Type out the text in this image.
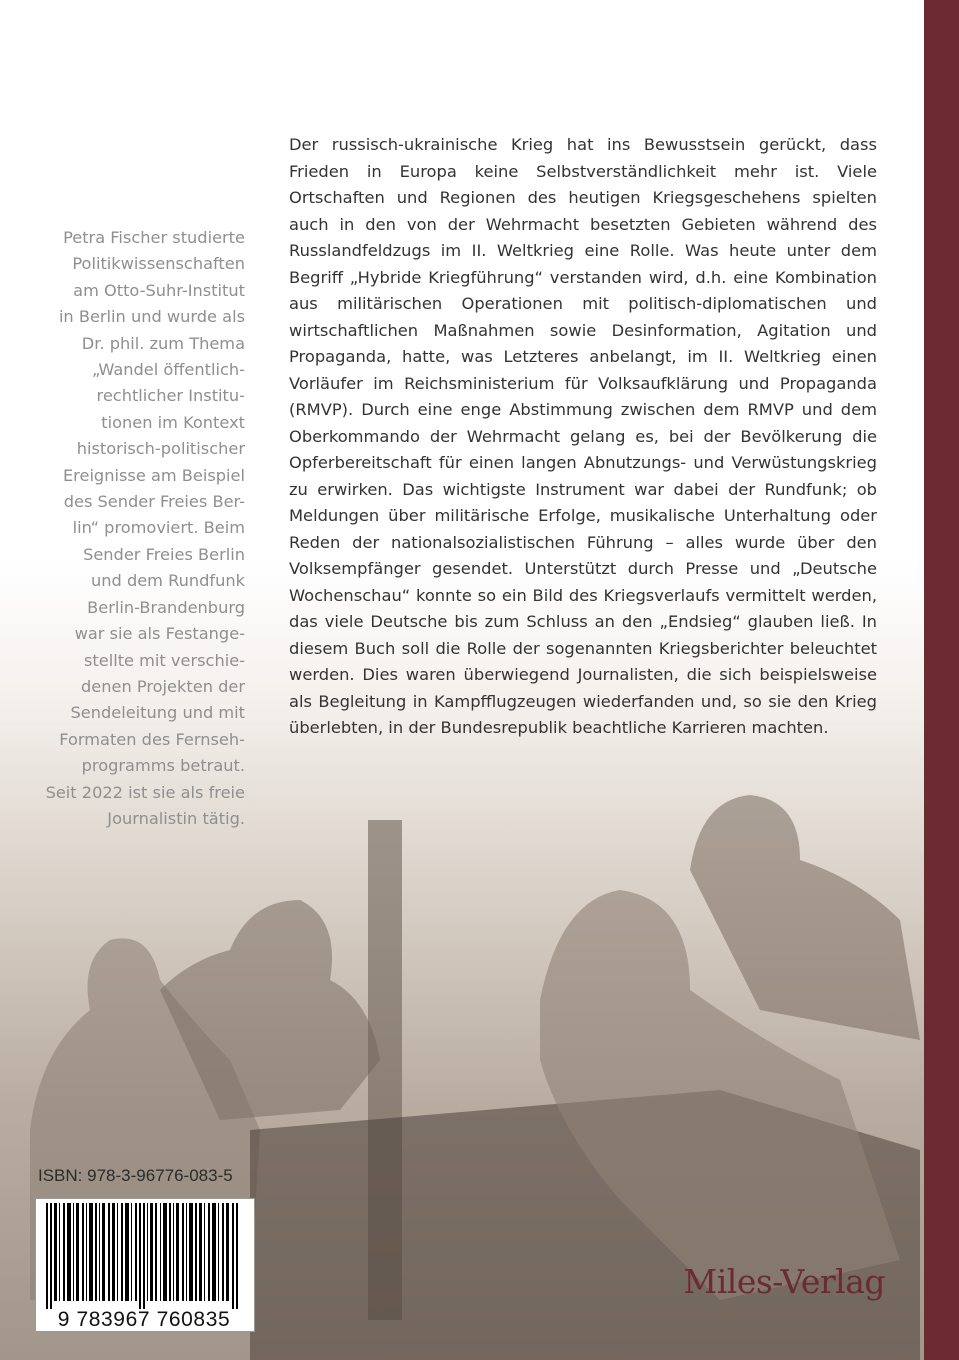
Petra Fischer studierte
Politikwissenschaften
am Otto-Suhr-Institut
in Berlin und wurde als
Dr. phil. zum Thema
„Wandel öffentlich-
rechtlicher Institu-
tionen im Kontext
historisch-politischer
Ereignisse am Beispiel
des Sender Freies Ber-
lin“ promoviert. Beim
Sender Freies Berlin
und dem Rundfunk
Berlin-Brandenburg
war sie als Festange-
stellte mit verschie-
denen Projekten der
Sendeleitung und mit
Formaten des Fernseh-
programms betraut.
Seit 2022 ist sie als freie
Journalistin tätig.

Der russisch-ukrainische Krieg hat ins Bewusstsein gerückt, dass Frieden in Europa keine Selbstverständlichkeit mehr ist. Viele Ortschaften und Regionen des heutigen Kriegsgeschehens spielten auch in den von der Wehrmacht besetzten Gebieten während des Russlandfeldzugs im II. Weltkrieg eine Rolle. Was heute unter dem Begriff „Hybride Kriegführung“ verstanden wird, d.h. eine Kombination aus militärischen Operationen mit politisch-diplomatischen und wirtschaftlichen Maßnahmen sowie Desinformation, Agitation und Propaganda, hatte, was Letzteres anbelangt, im II. Weltkrieg einen Vorläufer im Reichsministerium für Volksaufklärung und Propaganda (RMVP). Durch eine enge Abstimmung zwischen dem RMVP und dem Oberkommando der Wehrmacht gelang es, bei der Bevölkerung die Opferbereitschaft für einen langen Abnutzungs- und Verwüstungskrieg zu erwirken. Das wichtigste Instrument war dabei der Rundfunk; ob Meldungen über militärische Erfolge, musikalische Unterhaltung oder Reden der nationalsozialistischen Führung – alles wurde über den Volksempfänger gesendet. Unterstützt durch Presse und „Deutsche Wochenschau“ konnte so ein Bild des Kriegsverlaufs vermittelt werden, das viele Deutsche bis zum Schluss an den „Endsieg“ glauben ließ. In diesem Buch soll die Rolle der sogenannten Kriegsberichter beleuchtet werden. Dies waren überwiegend Journalisten, die sich beispielsweise als Begleitung in Kampfflugzeugen wiederfanden und, so sie den Krieg überlebten, in der Bundesrepublik beachtliche Karrieren machten.

ISBN: 978-3-96776-083-5
9 783967 760835
Miles-Verlag
